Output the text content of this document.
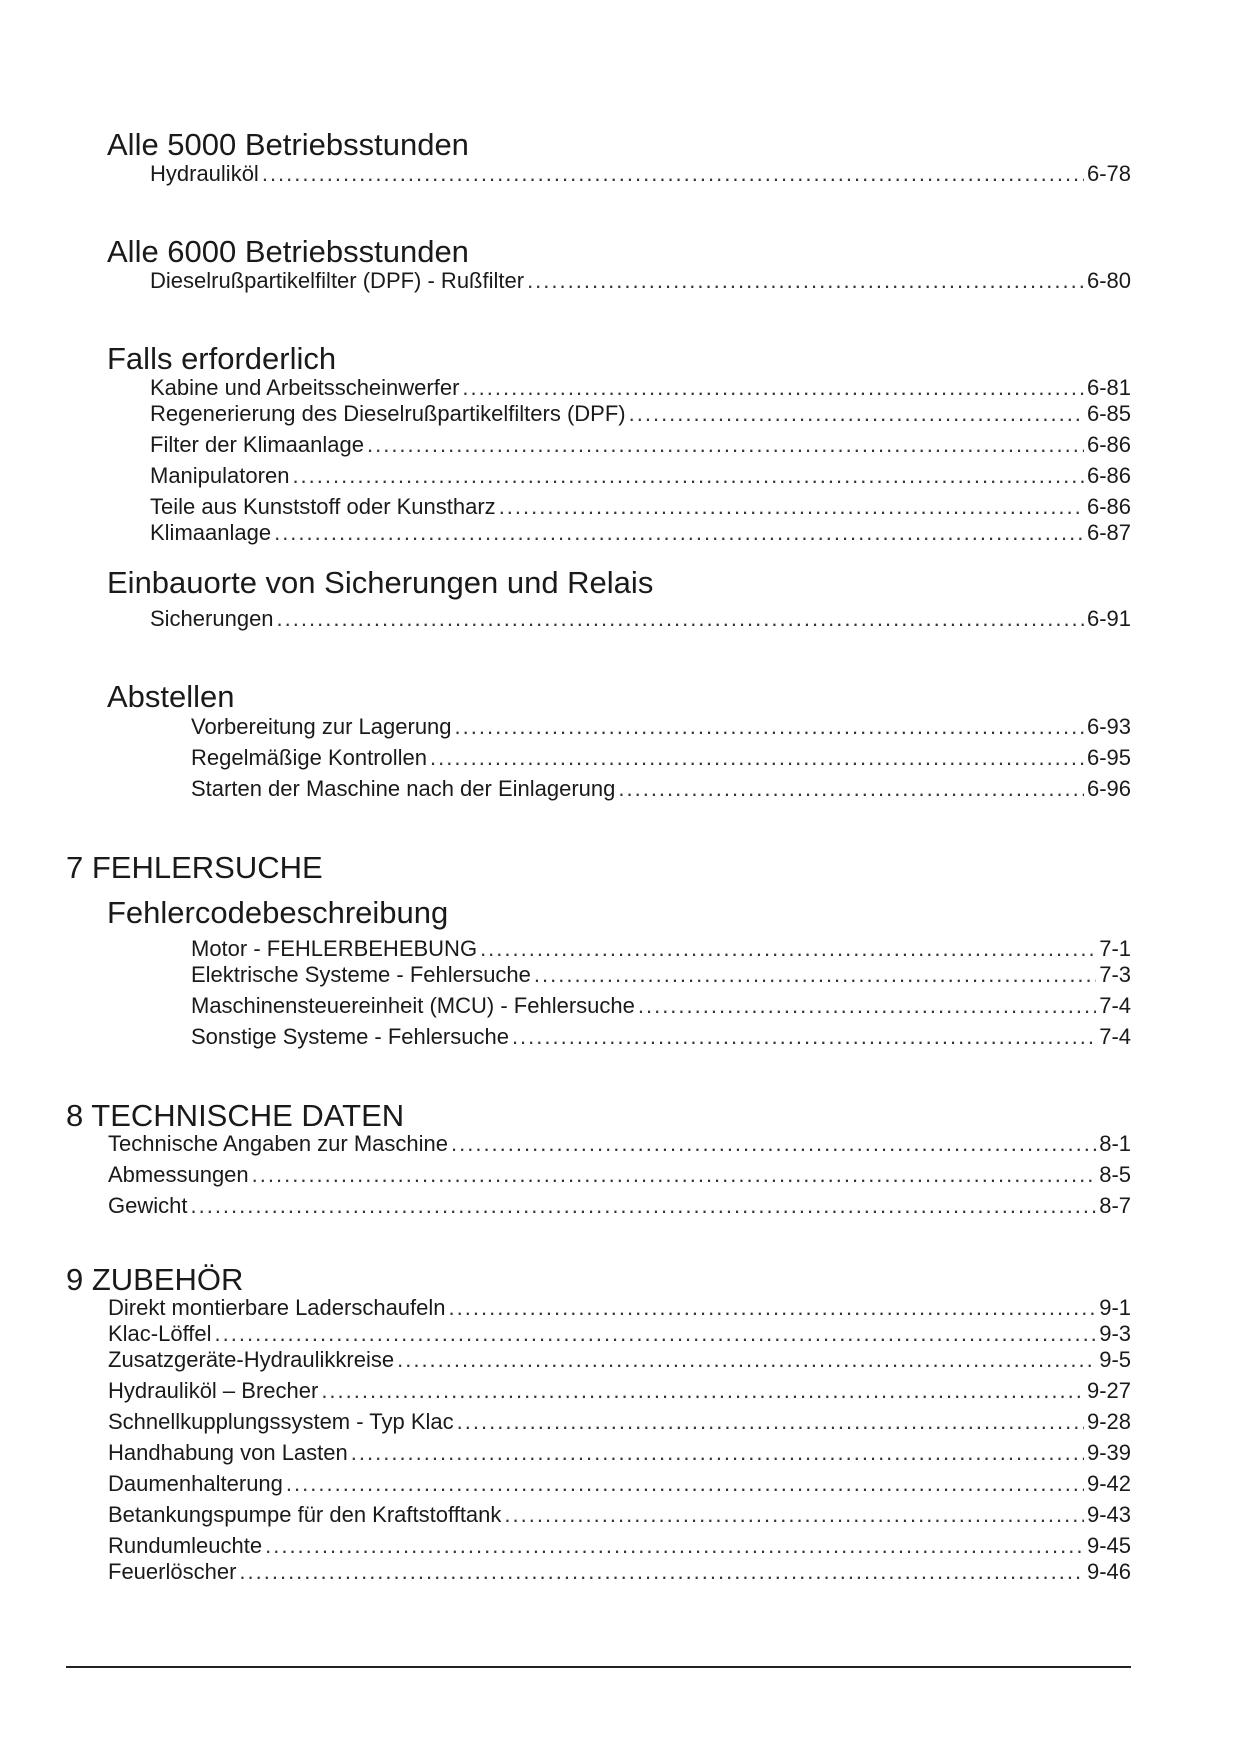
Alle 5000 Betriebsstunden
Hydrauliköl .....	6-78
Alle 6000 Betriebsstunden
Dieselrußpartikelfilter (DPF) - Rußfilter .....	6-80
Falls erforderlich
Kabine und Arbeitsscheinwerfer .....	6-81
Regenerierung des Dieselrußpartikelfilters (DPF) .....	6-85
Filter der Klimaanlage .....	6-86
Manipulatoren .....	6-86
Teile aus Kunststoff oder Kunstharz .....	6-86
Klimaanlage .....	6-87
Einbauorte von Sicherungen und Relais
Sicherungen .....	6-91
Abstellen
Vorbereitung zur Lagerung .....	6-93
Regelmäßige Kontrollen .....	6-95
Starten der Maschine nach der Einlagerung .....	6-96
7 FEHLERSUCHE
Fehlercodebeschreibung
Motor - FEHLERBEHEBUNG .....	7-1
Elektrische Systeme - Fehlersuche .....	7-3
Maschinensteuereinheit (MCU) - Fehlersuche .....	7-4
Sonstige Systeme - Fehlersuche .....	7-4
8 TECHNISCHE DATEN
Technische Angaben zur Maschine .....	8-1
Abmessungen .....	8-5
Gewicht .....	8-7
9 ZUBEHÖR
Direkt montierbare Laderschaufeln .....	9-1
Klac-Löffel .....	9-3
Zusatzgeräte-Hydraulikkreise .....	9-5
Hydrauliköl – Brecher .....	9-27
Schnellkupplungssystem - Typ Klac .....	9-28
Handhabung von Lasten .....	9-39
Daumenhalterung .....	9-42
Betankungspumpe für den Kraftstofftank .....	9-43
Rundumleuchte .....	9-45
Feuerlöscher .....	9-46
